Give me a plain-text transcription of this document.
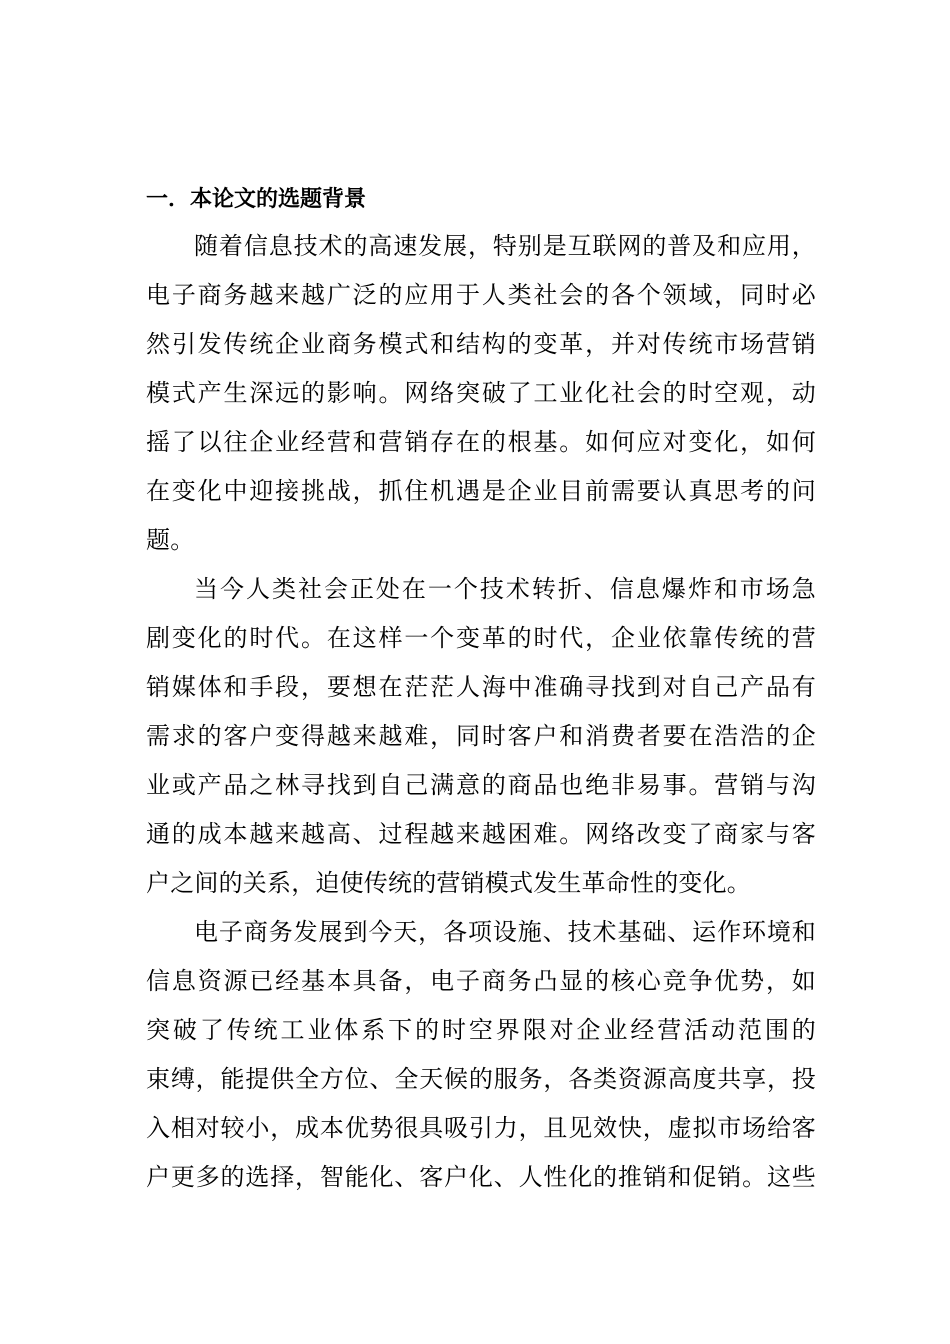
一．本论文的选题背景

随着信息技术的高速发展，特别是互联网的普及和应用，
电子商务越来越广泛的应用于人类社会的各个领域，同时必
然引发传统企业商务模式和结构的变革，并对传统市场营销
模式产生深远的影响。网络突破了工业化社会的时空观，动
摇了以往企业经营和营销存在的根基。如何应对变化，如何
在变化中迎接挑战，抓住机遇是企业目前需要认真思考的问
题。

当今人类社会正处在一个技术转折、信息爆炸和市场急
剧变化的时代。在这样一个变革的时代，企业依靠传统的营
销媒体和手段，要想在茫茫人海中准确寻找到对自己产品有
需求的客户变得越来越难，同时客户和消费者要在浩浩的企
业或产品之林寻找到自己满意的商品也绝非易事。营销与沟
通的成本越来越高、过程越来越困难。网络改变了商家与客
户之间的关系，迫使传统的营销模式发生革命性的变化。

电子商务发展到今天，各项设施、技术基础、运作环境和
信息资源已经基本具备，电子商务凸显的核心竞争优势，如
突破了传统工业体系下的时空界限对企业经营活动范围的
束缚，能提供全方位、全天候的服务，各类资源高度共享，投
入相对较小，成本优势很具吸引力，且见效快，虚拟市场给客
户更多的选择，智能化、客户化、人性化的推销和促销。这些
